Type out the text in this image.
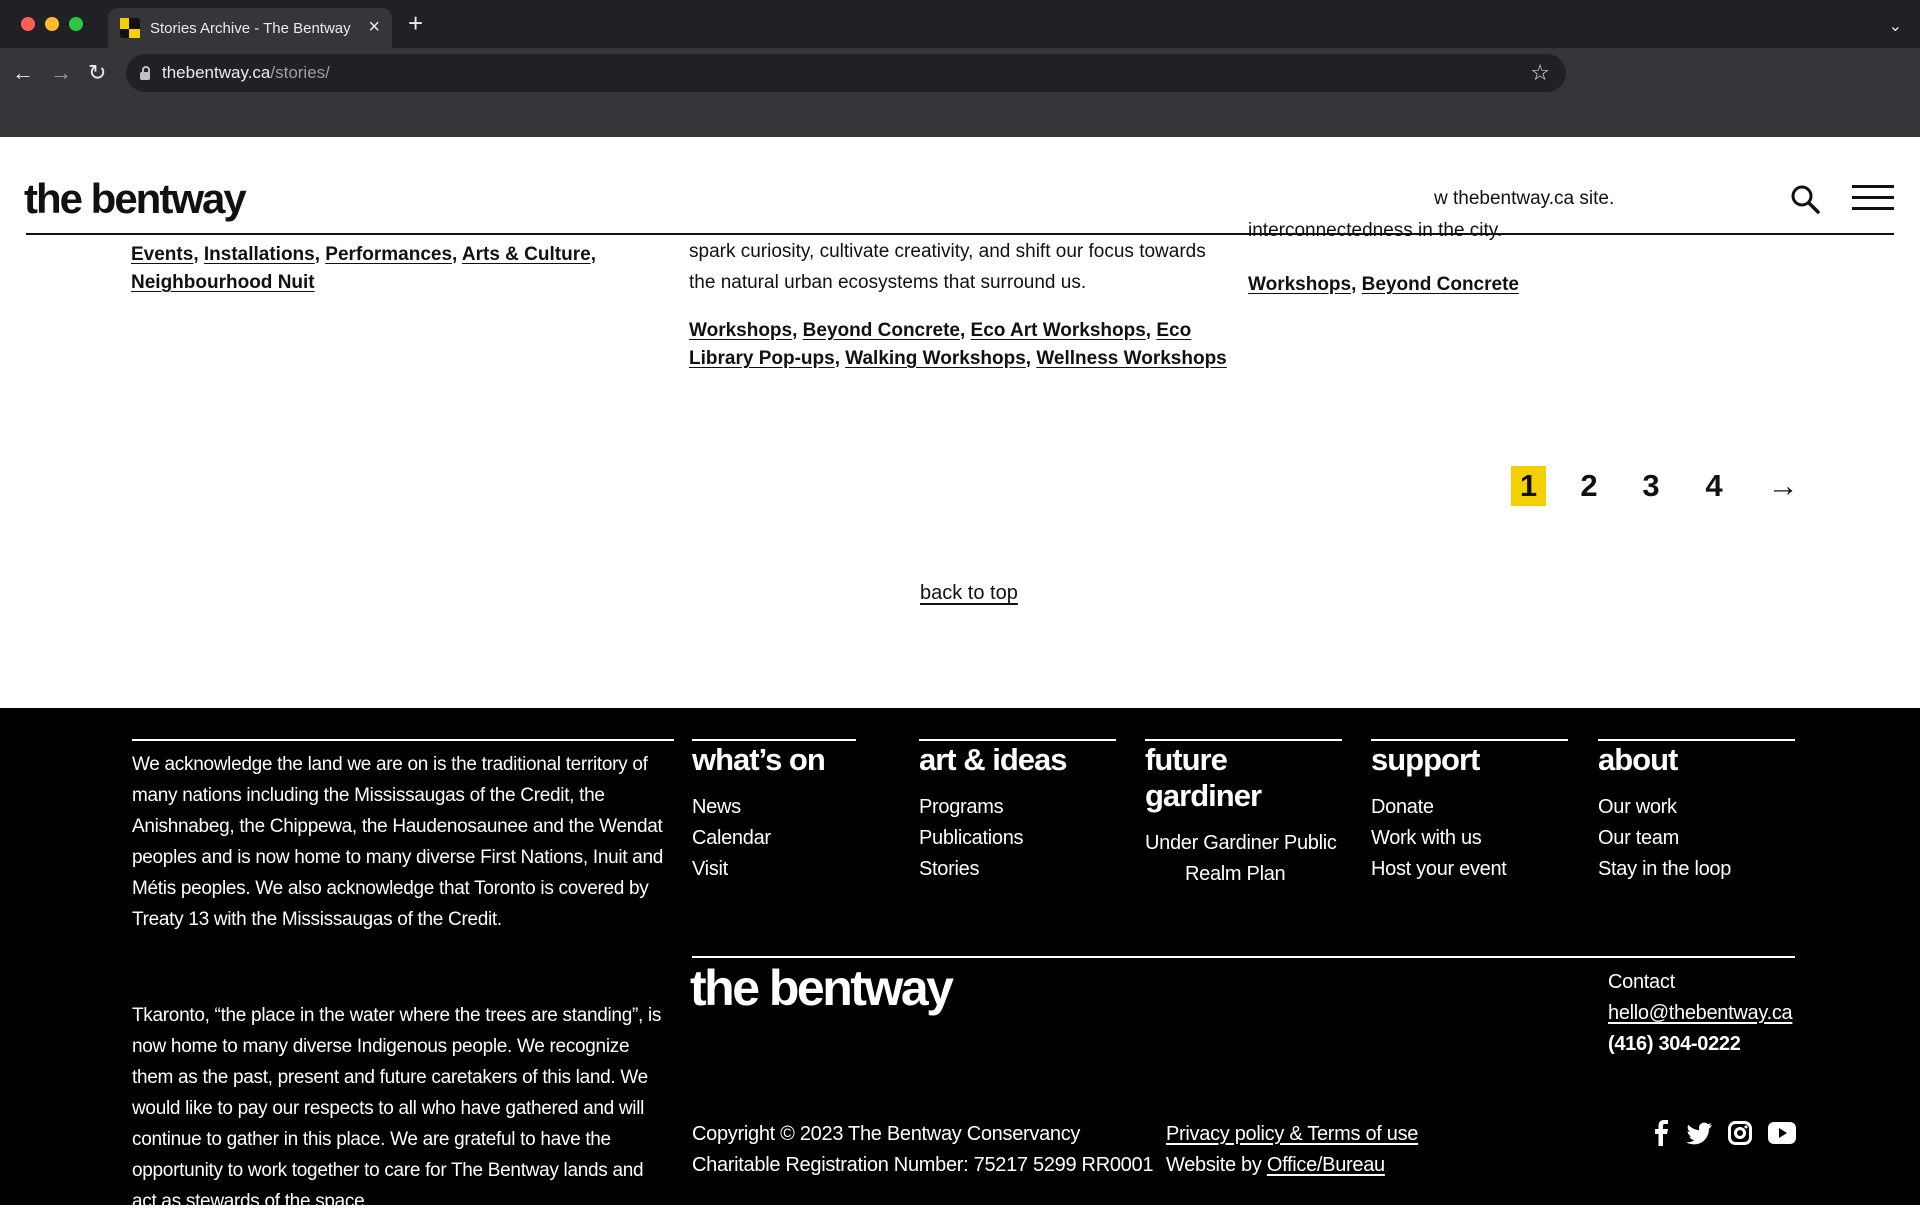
Stories Archive - The Bentway × +	⌄
← → ↻	thebentway.ca/stories/	☆
the bentway	w thebentway.ca site.
Events, Installations, Performances, Arts & Culture,
Neighbourhood Nuit
spark curiosity, cultivate creativity, and shift our focus towards
the natural urban ecosystems that surround us.
Workshops, Beyond Concrete, Eco Art Workshops, Eco Library Pop-ups, Walking Workshops, Wellness Workshops
interconnectedness in the city.
Workshops, Beyond Concrete
1 2 3 4 →
back to top
We acknowledge the land we are on is the traditional territory of many nations including the Mississaugas of the Credit, the Anishnabeg, the Chippewa, the Haudenosaunee and the Wendat peoples and is now home to many diverse First Nations, Inuit and Métis peoples. We also acknowledge that Toronto is covered by Treaty 13 with the Mississaugas of the Credit.
Tkaronto, “the place in the water where the trees are standing”, is now home to many diverse Indigenous people. We recognize them as the past, present and future caretakers of this land. We would like to pay our respects to all who have gathered and will continue to gather in this place. We are grateful to have the opportunity to work together to care for The Bentway lands and act as stewards of the space.
what’s on
News
Calendar
Visit
art & ideas
Programs
Publications
Stories
future
gardiner
Under Gardiner Public
Realm Plan
support
Donate
Work with us
Host your event
about
Our work
Our team
Stay in the loop
the bentway	Contact
hello@thebentway.ca
(416) 304-0222
Copyright © 2023 The Bentway Conservancy
Charitable Registration Number: 75217 5299 RR0001
Privacy policy & Terms of use
Website by Office/Bureau
